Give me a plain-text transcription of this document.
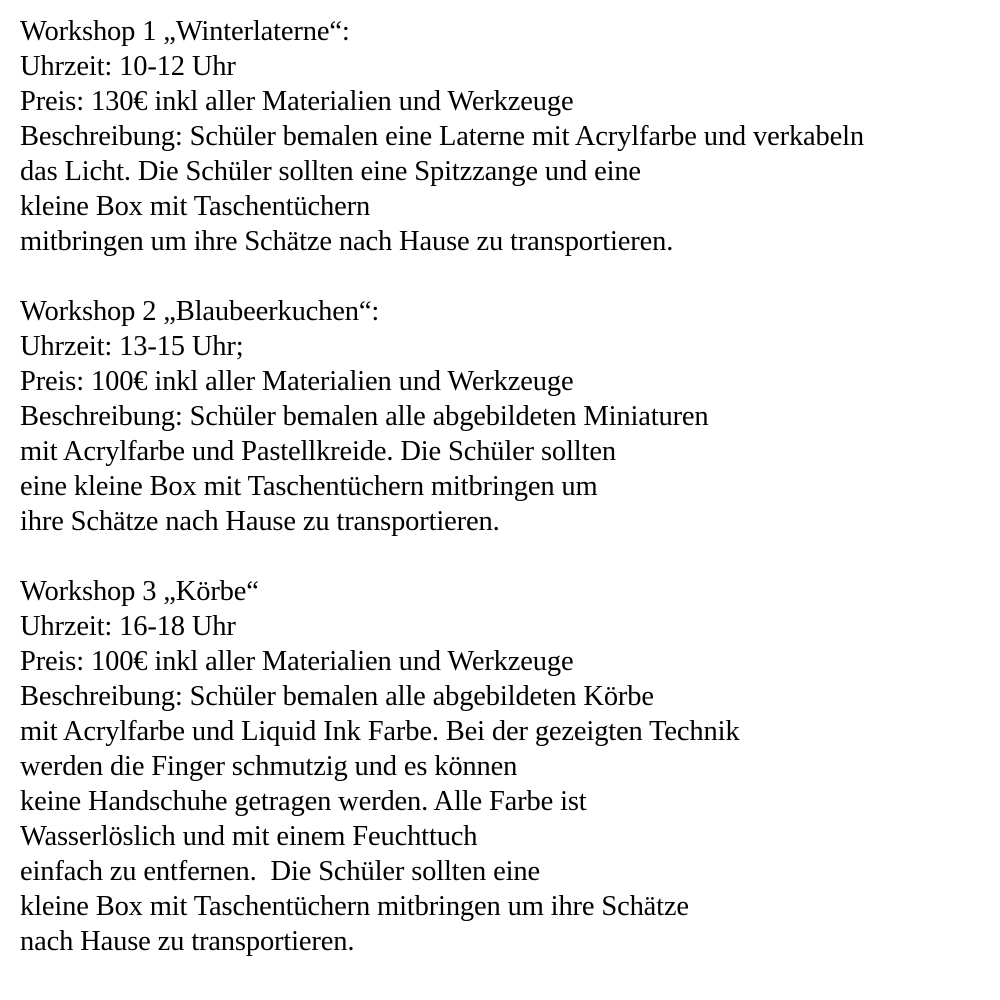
Workshop 1 „Winterlaterne“:
Uhrzeit: 10-12 Uhr
Preis: 130€ inkl aller Materialien und Werkzeuge
Beschreibung: Schüler bemalen eine Laterne mit Acrylfarbe und verkabeln
das Licht. Die Schüler sollten eine Spitzzange und eine
kleine Box mit Taschentüchern
mitbringen um ihre Schätze nach Hause zu transportieren.
Workshop 2 „Blaubeerkuchen“:
Uhrzeit: 13-15 Uhr;
Preis: 100€ inkl aller Materialien und Werkzeuge
Beschreibung: Schüler bemalen alle abgebildeten Miniaturen
mit Acrylfarbe und Pastellkreide. Die Schüler sollten
eine kleine Box mit Taschentüchern mitbringen um
ihre Schätze nach Hause zu transportieren.
Workshop 3 „Körbe“
Uhrzeit: 16-18 Uhr
Preis: 100€ inkl aller Materialien und Werkzeuge
Beschreibung: Schüler bemalen alle abgebildeten Körbe
mit Acrylfarbe und Liquid Ink Farbe. Bei der gezeigten Technik
werden die Finger schmutzig und es können
keine Handschuhe getragen werden. Alle Farbe ist
Wasserlöslich und mit einem Feuchttuch
einfach zu entfernen.  Die Schüler sollten eine
kleine Box mit Taschentüchern mitbringen um ihre Schätze
nach Hause zu transportieren.
